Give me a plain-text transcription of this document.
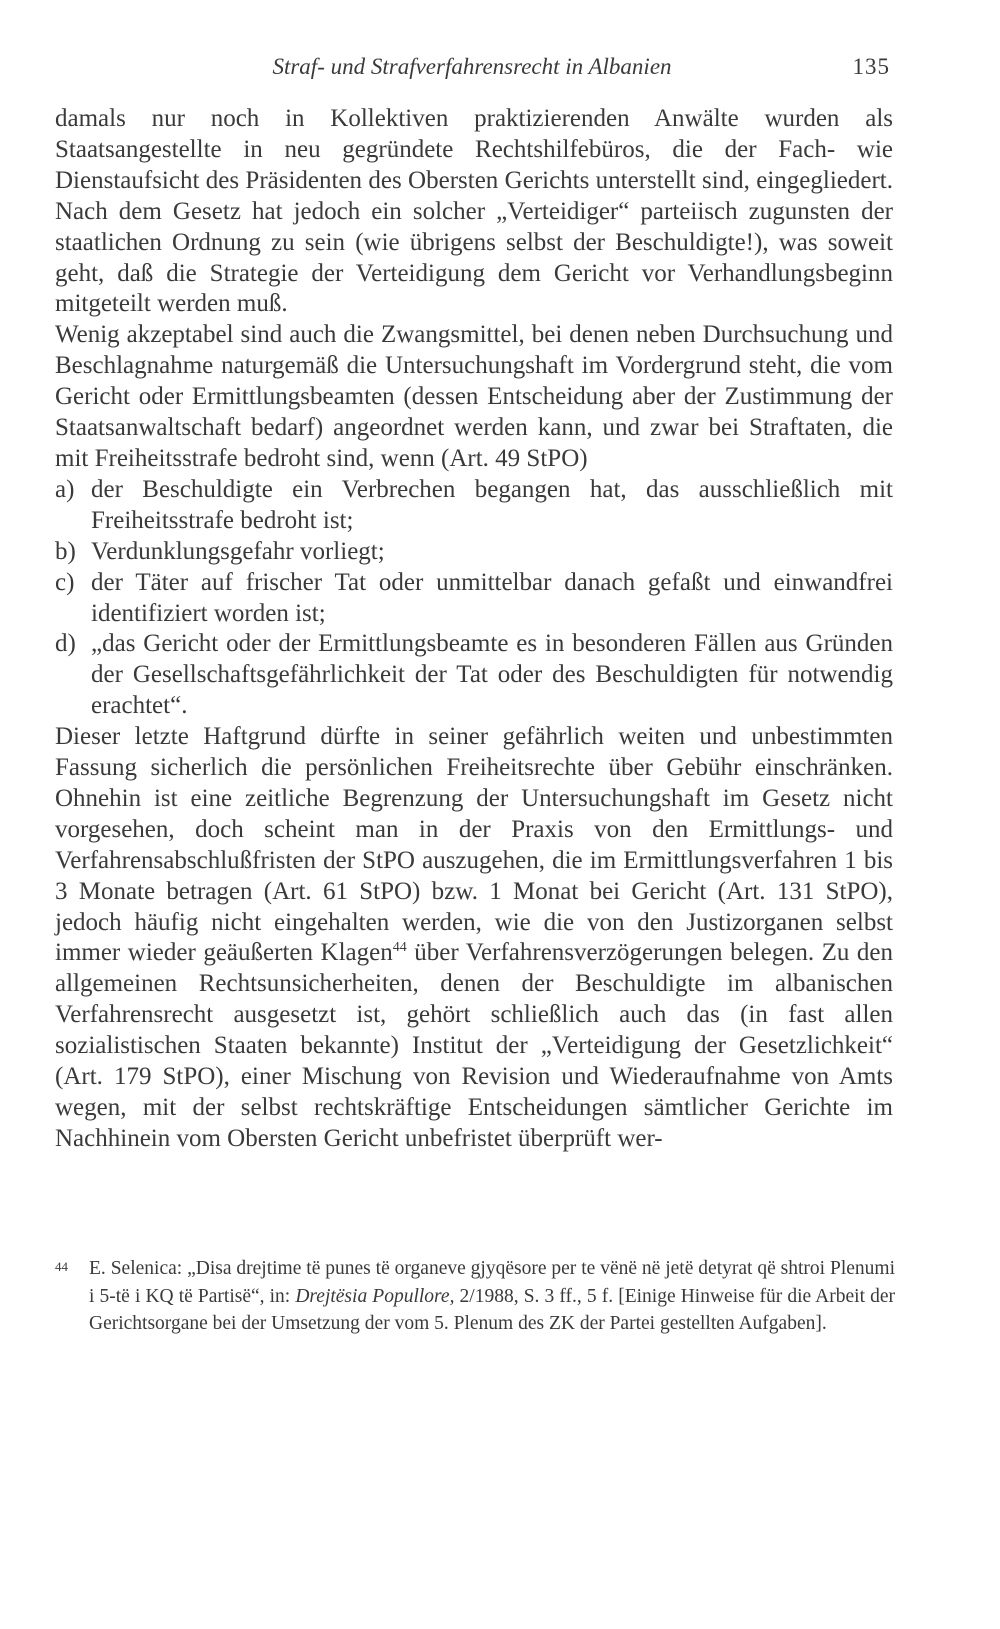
Straf- und Strafverfahrensrecht in Albanien	135

damals nur noch in Kollektiven praktizierenden Anwälte wurden als Staatsangestellte in neu gegründete Rechtshilfebüros, die der Fach- wie Dienstaufsicht des Präsidenten des Obersten Gerichts unterstellt sind, eingegliedert. Nach dem Gesetz hat jedoch ein solcher „Verteidiger“ parteiisch zugunsten der staatlichen Ordnung zu sein (wie übrigens selbst der Beschuldigte!), was soweit geht, daß die Strategie der Verteidigung dem Gericht vor Verhandlungsbeginn mitgeteilt werden muß.

Wenig akzeptabel sind auch die Zwangsmittel, bei denen neben Durchsuchung und Beschlagnahme naturgemäß die Untersuchungshaft im Vordergrund steht, die vom Gericht oder Ermittlungsbeamten (dessen Entscheidung aber der Zustimmung der Staatsanwaltschaft bedarf) angeordnet werden kann, und zwar bei Straftaten, die mit Freiheitsstrafe bedroht sind, wenn (Art. 49 StPO)

a) der Beschuldigte ein Verbrechen begangen hat, das ausschließlich mit Freiheitsstrafe bedroht ist;
b) Verdunklungsgefahr vorliegt;
c) der Täter auf frischer Tat oder unmittelbar danach gefaßt und einwandfrei identifiziert worden ist;
d) „das Gericht oder der Ermittlungsbeamte es in besonderen Fällen aus Gründen der Gesellschaftsgefährlichkeit der Tat oder des Beschuldigten für notwendig erachtet“.

Dieser letzte Haftgrund dürfte in seiner gefährlich weiten und unbestimmten Fassung sicherlich die persönlichen Freiheitsrechte über Gebühr einschränken. Ohnehin ist eine zeitliche Begrenzung der Untersuchungshaft im Gesetz nicht vorgesehen, doch scheint man in der Praxis von den Ermittlungs- und Verfahrensabschlußfristen der StPO auszugehen, die im Ermittlungsverfahren 1 bis 3 Monate betragen (Art. 61 StPO) bzw. 1 Monat bei Gericht (Art. 131 StPO), jedoch häufig nicht eingehalten werden, wie die von den Justizorganen selbst immer wieder geäußerten Klagen$^{44}$ über Verfahrensverzögerungen belegen. Zu den allgemeinen Rechtsunsicherheiten, denen der Beschuldigte im albanischen Verfahrensrecht ausgesetzt ist, gehört schließlich auch das (in fast allen sozialistischen Staaten bekannte) Institut der „Verteidigung der Gesetzlichkeit“ (Art. 179 StPO), einer Mischung von Revision und Wiederaufnahme von Amts wegen, mit der selbst rechtskräftige Entscheidungen sämtlicher Gerichte im Nachhinein vom Obersten Gericht unbefristet überprüft wer-

44	E. Selenica: „Disa drejtime të punes të organeve gjyqësore per te vënë në jetë detyrat që shtroi Plenumi i 5-të i KQ të Partisë“, in: Drejtësia Popullore, 2/1988, S. 3 ff., 5 f. [Einige Hinweise für die Arbeit der Gerichtsorgane bei der Umsetzung der vom 5. Plenum des ZK der Partei gestellten Aufgaben].
